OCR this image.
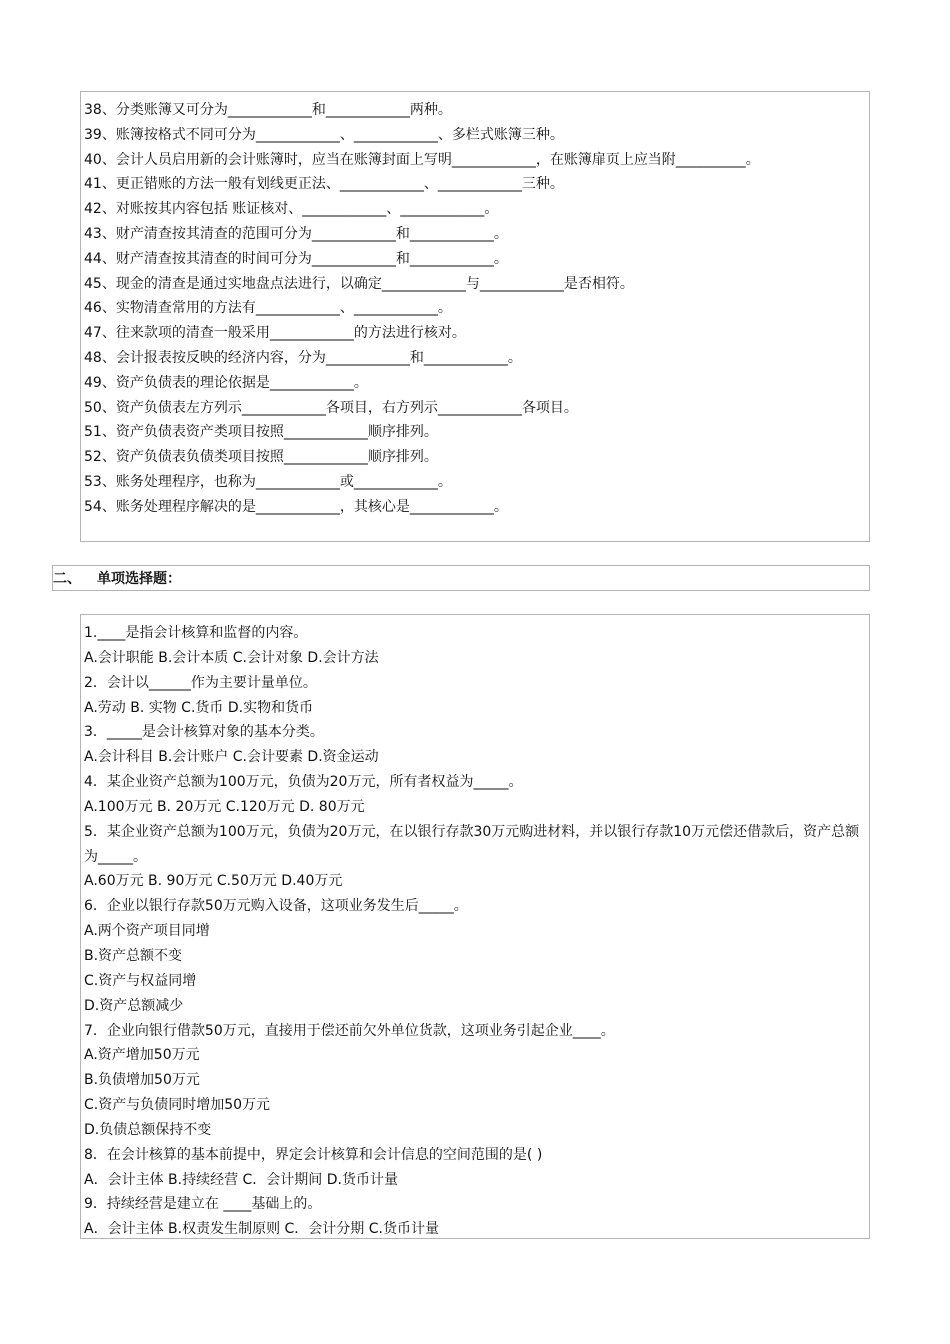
38、分类账簿又可分为____________和____________两种。
39、账簿按格式不同可分为____________、____________、多栏式账簿三种。
40、会计人员启用新的会计账簿时，应当在账簿封面上写明____________，在账簿扉页上应当附__________。
41、更正错账的方法一般有划线更正法、____________、____________三种。
42、对账按其内容包括 账证核对、____________、____________。
43、财产清查按其清查的范围可分为____________和____________。
44、财产清查按其清查的时间可分为____________和____________。
45、现金的清查是通过实地盘点法进行，以确定____________与____________是否相符。
46、实物清查常用的方法有____________、____________。
47、往来款项的清查一般采用____________的方法进行核对。
48、会计报表按反映的经济内容，分为____________和____________。
49、资产负债表的理论依据是____________。
50、资产负债表左方列示____________各项目，右方列示____________各项目。
51、资产负债表资产类项目按照____________顺序排列。
52、资产负债表负债类项目按照____________顺序排列。
53、账务处理程序，也称为____________或____________。
54、账务处理程序解决的是____________，其核心是____________。
二、 单项选择题：
1.____是指会计核算和监督的内容。
A.会计职能 B.会计本质 C.会计对象 D.会计方法
2．会计以______作为主要计量单位。
A.劳动 B. 实物 C.货币 D.实物和货币
3．_____是会计核算对象的基本分类。
A.会计科目 B.会计账户 C.会计要素 D.资金运动
4．某企业资产总额为100万元，负债为20万元，所有者权益为_____。
A.100万元 B. 20万元 C.120万元 D. 80万元
5．某企业资产总额为100万元，负债为20万元，在以银行存款30万元购进材料，并以银行存款10万元偿还借款后，资产总额为_____。
A.60万元 B. 90万元 C.50万元 D.40万元
6．企业以银行存款50万元购入设备，这项业务发生后_____。
A.两个资产项目同增
B.资产总额不变
C.资产与权益同增
D.资产总额减少
7．企业向银行借款50万元，直接用于偿还前欠外单位货款，这项业务引起企业____。
A.资产增加50万元
B.负债增加50万元
C.资产与负债同时增加50万元
D.负债总额保持不变
8．在会计核算的基本前提中，界定会计核算和会计信息的空间范围的是( )
A．会计主体 B.持续经营 C．会计期间 D.货币计量
9．持续经营是建立在 ____基础上的。
A．会计主体 B.权责发生制原则 C．会计分期 C.货币计量
